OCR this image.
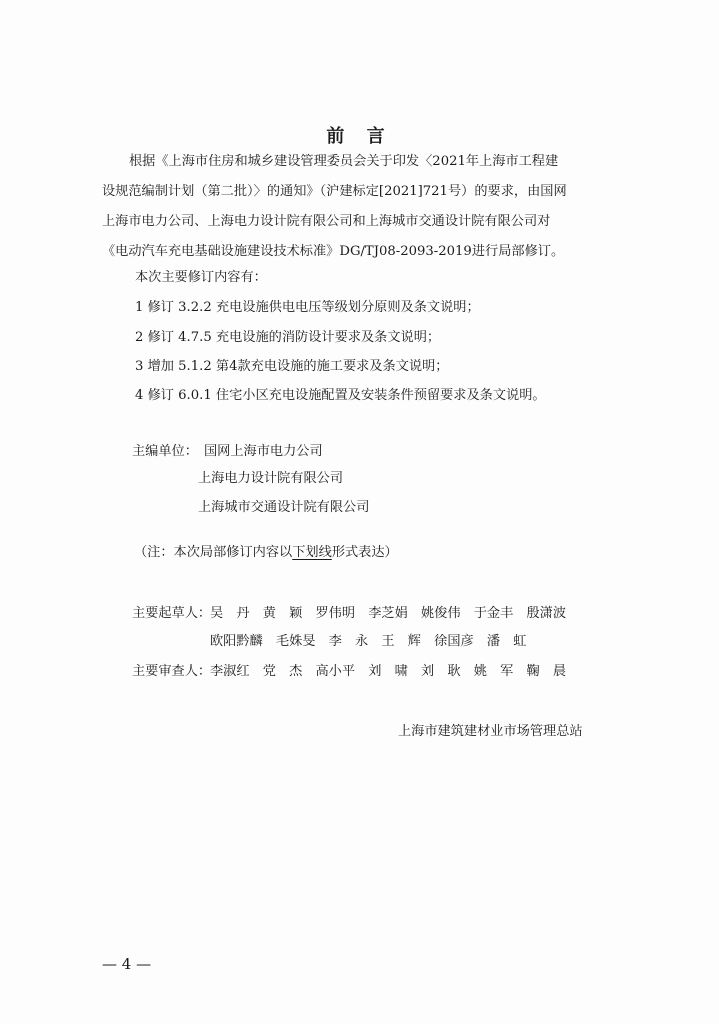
前 言
根据《上海市住房和城乡建设管理委员会关于印发〈2021年上海市工程建
设规范编制计划（第二批）〉的通知》（沪建标定[2021]721号）的要求，由国网
上海市电力公司、上海电力设计院有限公司和上海城市交通设计院有限公司对
《电动汽车充电基础设施建设技术标准》DG/TJ08-2093-2019进行局部修订。
本次主要修订内容有：
1 修订 3.2.2 充电设施供电电压等级划分原则及条文说明；
2 修订 4.7.5 充电设施的消防设计要求及条文说明；
3 增加 5.1.2 第4款充电设施的施工要求及条文说明；
4 修订 6.0.1 住宅小区充电设施配置及安装条件预留要求及条文说明。
主编单位： 国网上海市电力公司
上海电力设计院有限公司
上海城市交通设计院有限公司
（注：本次局部修订内容以下划线形式表达）
主要起草人：
吴　丹　黄　颖　罗伟明　李芝娟　姚俊伟　于金丰　殷潇波
欧阳黔麟　毛姝旻　李　永　王　辉　徐国彦　潘　虹
主要审查人：
李淑红　党　杰　高小平　刘　啸　刘　耿　姚　军　鞠　晨
上海市建筑建材业市场管理总站
— 4 —
